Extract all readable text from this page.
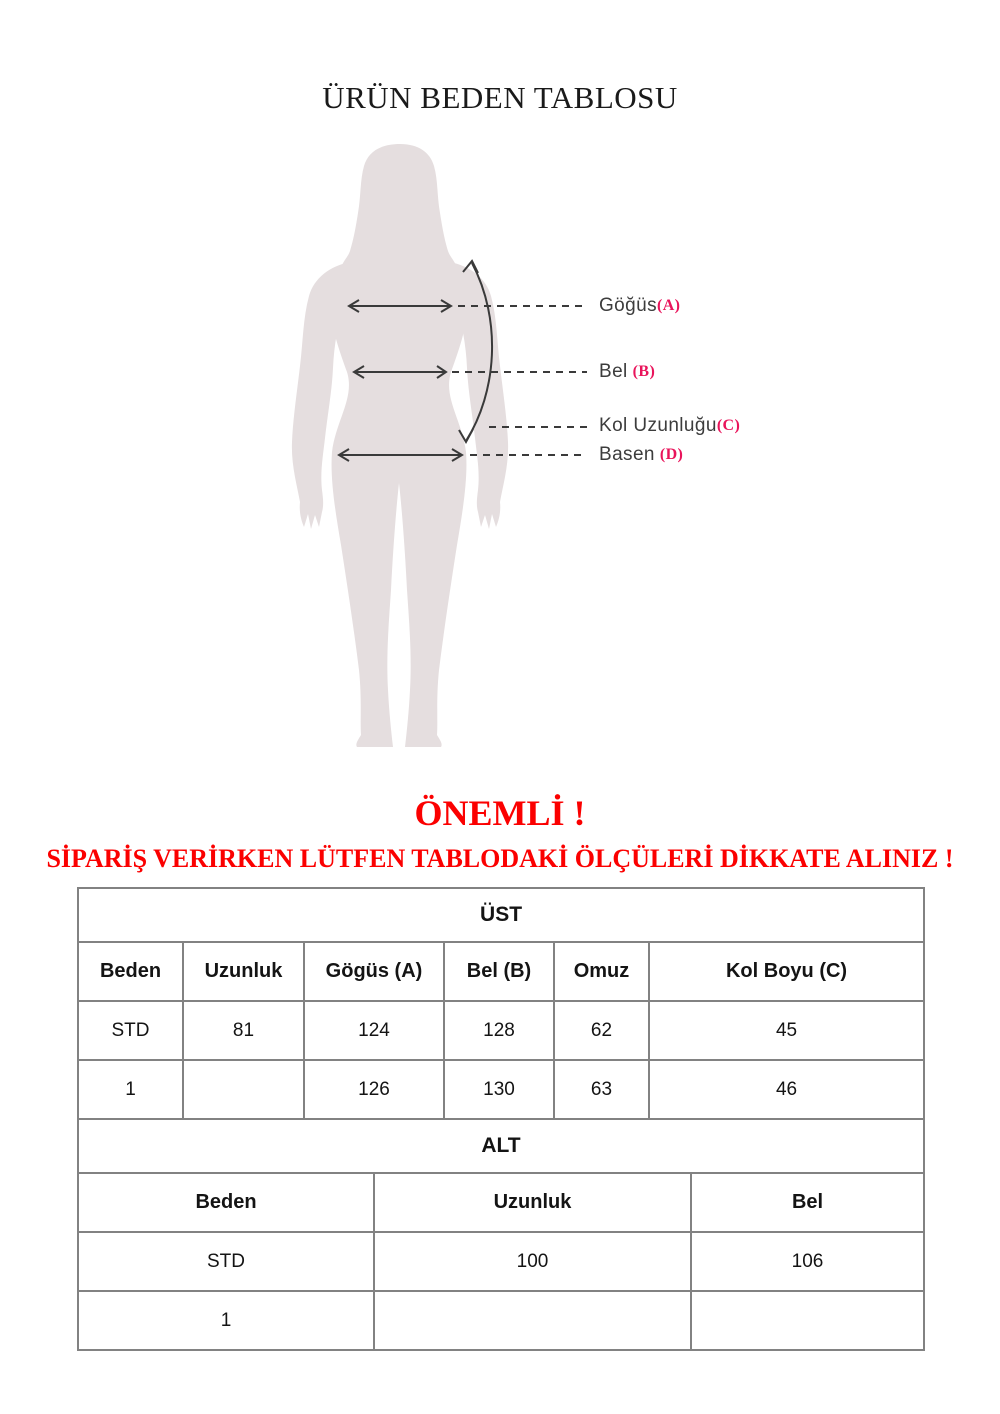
ÜRÜN BEDEN TABLOSU
Göğüs(A)
Bel (B)
Kol Uzunluğu(C)
Basen (D)
ÖNEMLİ !
SİPARİŞ VERİRKEN LÜTFEN TABLODAKİ ÖLÇÜLERİ DİKKATE ALINIZ !
ÜST					
Beden	Uzunluk	Gögüs (A)	Bel (B)	Omuz	Kol Boyu (C)
STD	81	124	128	62	45
1		126	130	63	46
ALT		
Beden	Uzunluk	Bel
STD	100	106
1		
